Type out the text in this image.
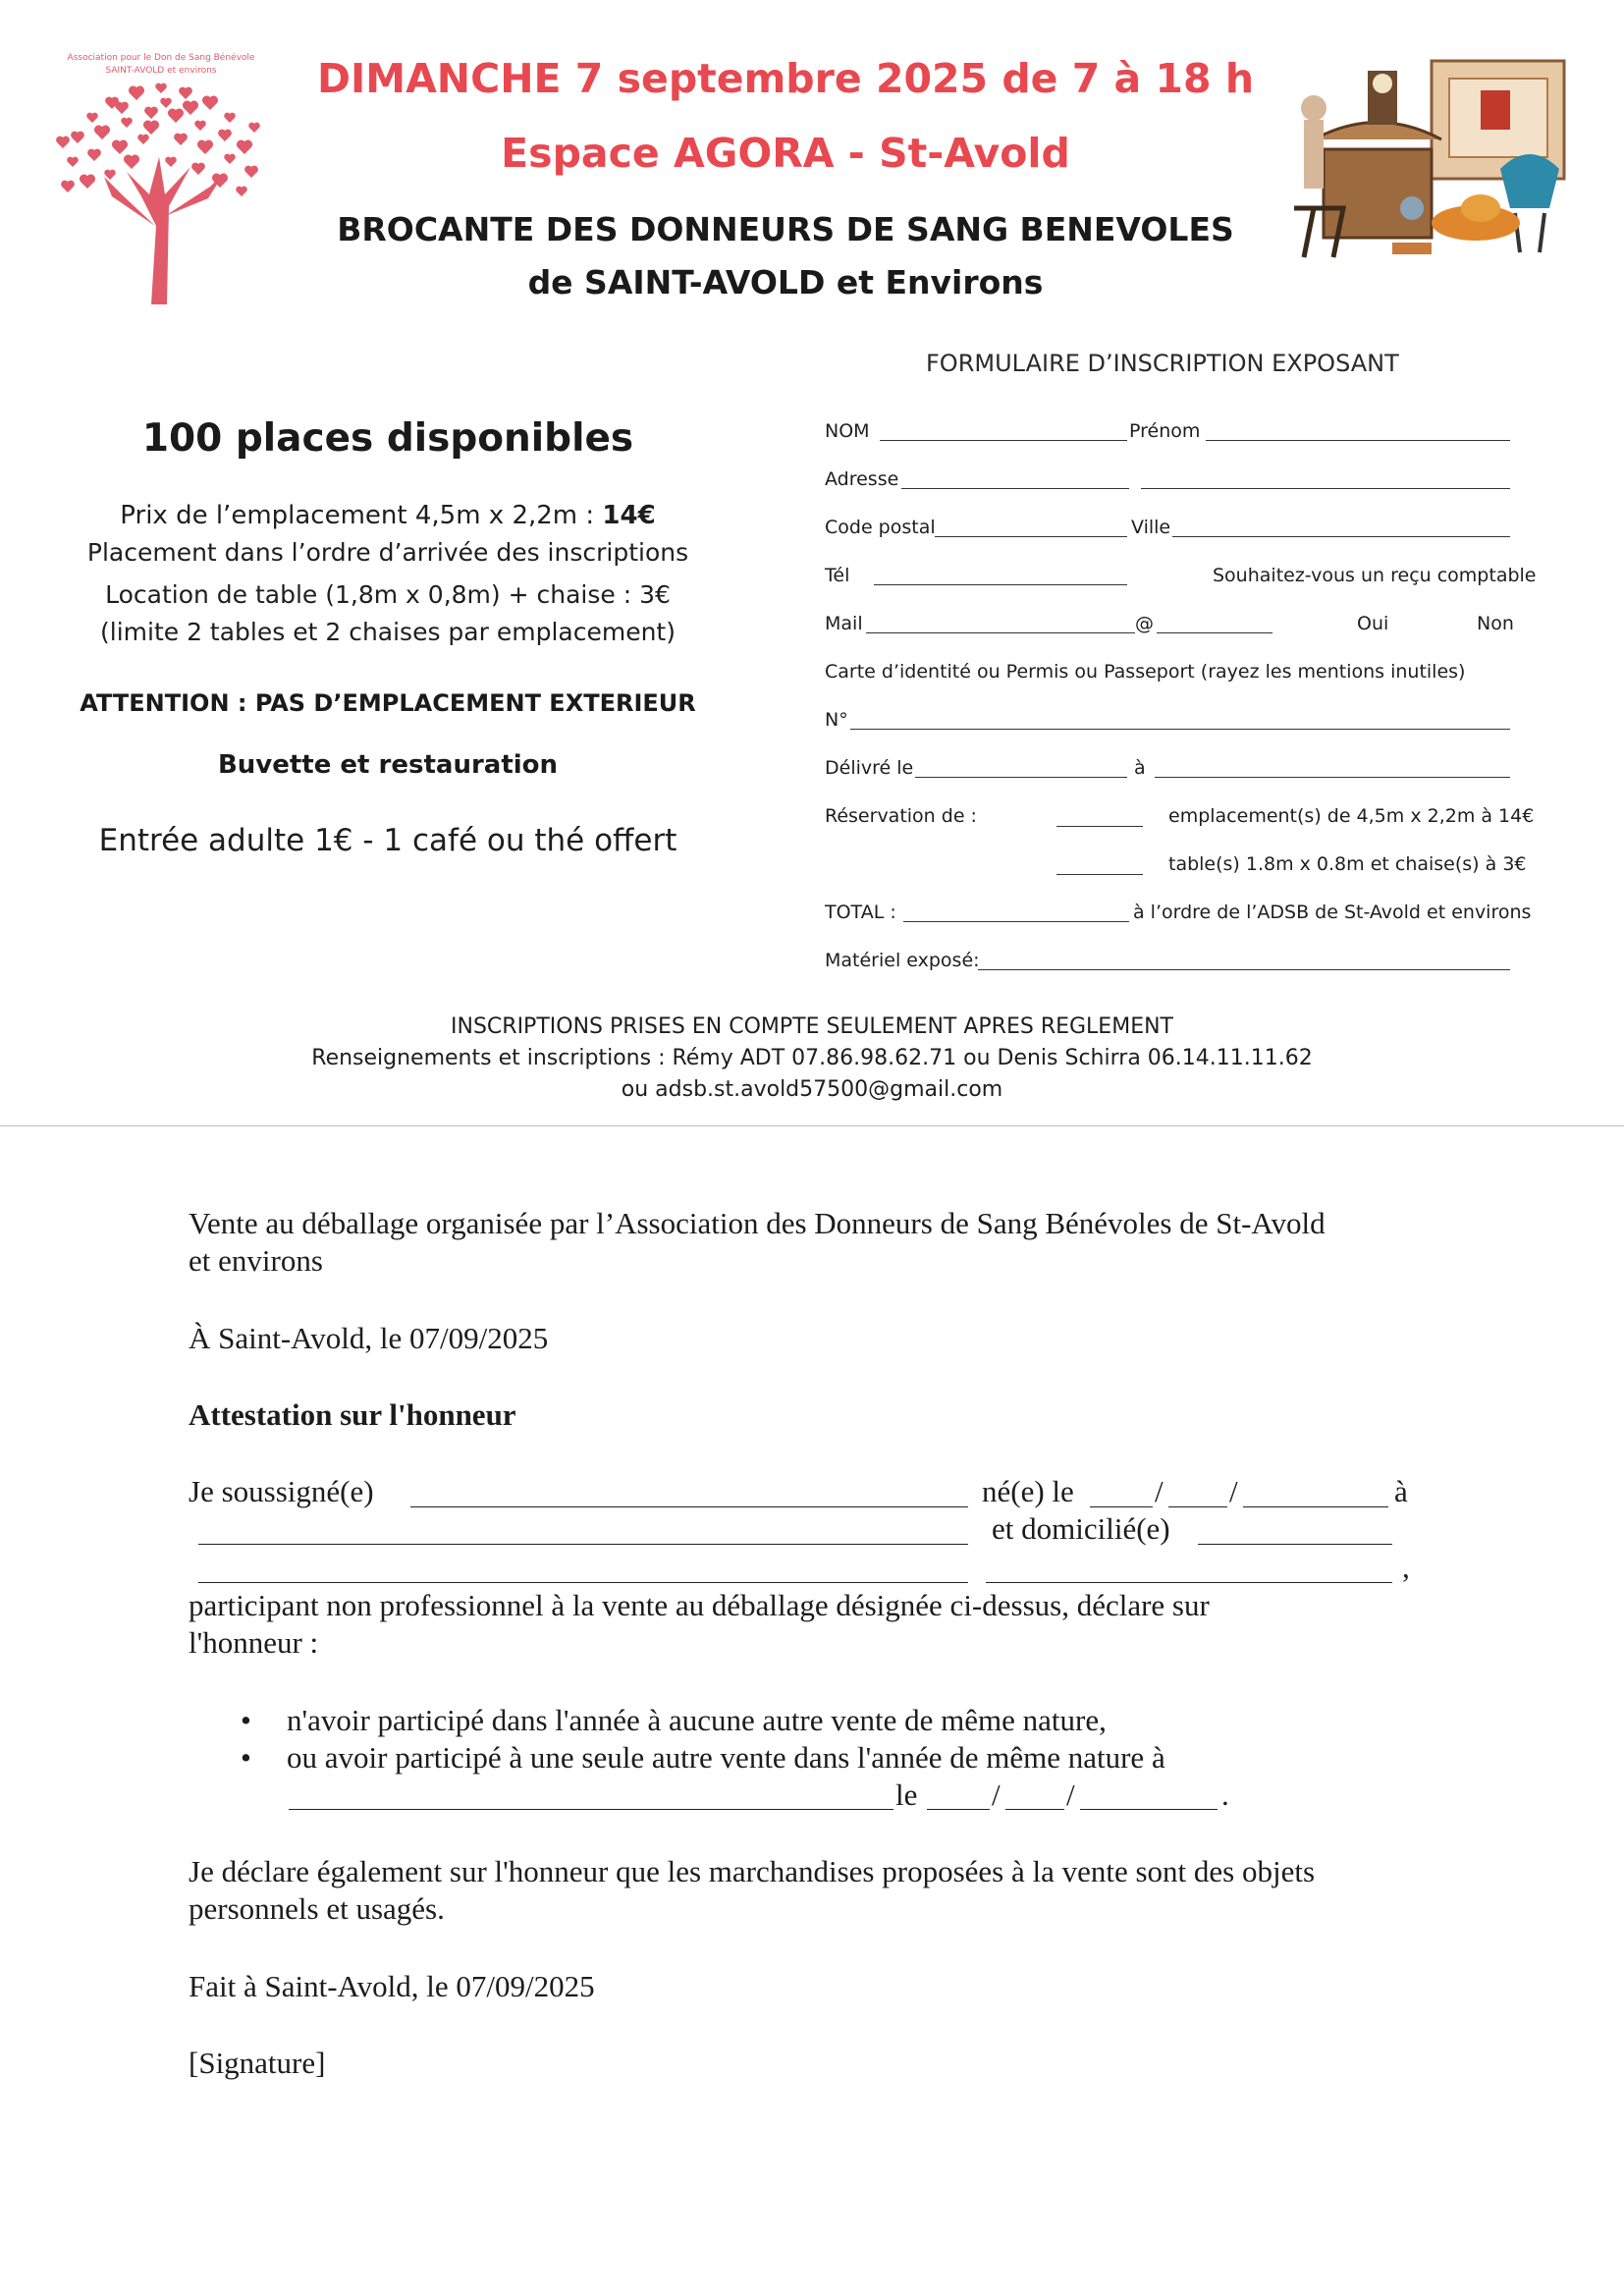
Association pour le Don de Sang Bénévole
SAINT-AVOLD et environs	DIMANCHE 7 septembre 2025 de 7 à 18 h
Espace AGORA - St-Avold
BROCANTE DES DONNEURS DE SANG BENEVOLES
de SAINT-AVOLD et Environs
100 places disponibles
Prix de l’emplacement 4,5m x 2,2m : 14€
Placement dans l’ordre d’arrivée des inscriptions
Location de table (1,8m x 0,8m) + chaise : 3€
(limite 2 tables et 2 chaises par emplacement)
ATTENTION : PAS D’EMPLACEMENT EXTERIEUR
Buvette et restauration
Entrée adulte 1€ - 1 café ou thé offert
FORMULAIRE D’INSCRIPTION EXPOSANT
NOM	Prénom
Adresse
Code postal	Ville
Tél	Souhaitez-vous un reçu comptable
Mail	@	Oui	Non
Carte d’identité ou Permis ou Passeport (rayez les mentions inutiles)
N°
Délivré le	à
Réservation de :	emplacement(s) de 4,5m x 2,2m à 14€
table(s) 1.8m x 0.8m et chaise(s) à 3€
TOTAL :	à l’ordre de l’ADSB de St-Avold et environs
Matériel exposé:
INSCRIPTIONS PRISES EN COMPTE SEULEMENT APRES REGLEMENT
Renseignements et inscriptions : Rémy ADT 07.86.98.62.71 ou Denis Schirra 06.14.11.11.62
ou adsb.st.avold57500@gmail.com
Vente au déballage organisée par l’Association des Donneurs de Sang Bénévoles de St-Avold
et environs
À Saint-Avold, le 07/09/2025
Attestation sur l'honneur
Je soussigné(e)	né(e) le	/ /	à
et domicilié(e)
,
participant non professionnel à la vente au déballage désignée ci-dessus, déclare sur
l'honneur :
• n'avoir participé dans l'année à aucune autre vente de même nature,
• ou avoir participé à une seule autre vente dans l'année de même nature à
le / /	.
Je déclare également sur l'honneur que les marchandises proposées à la vente sont des objets
personnels et usagés.
Fait à Saint-Avold, le 07/09/2025
[Signature]
